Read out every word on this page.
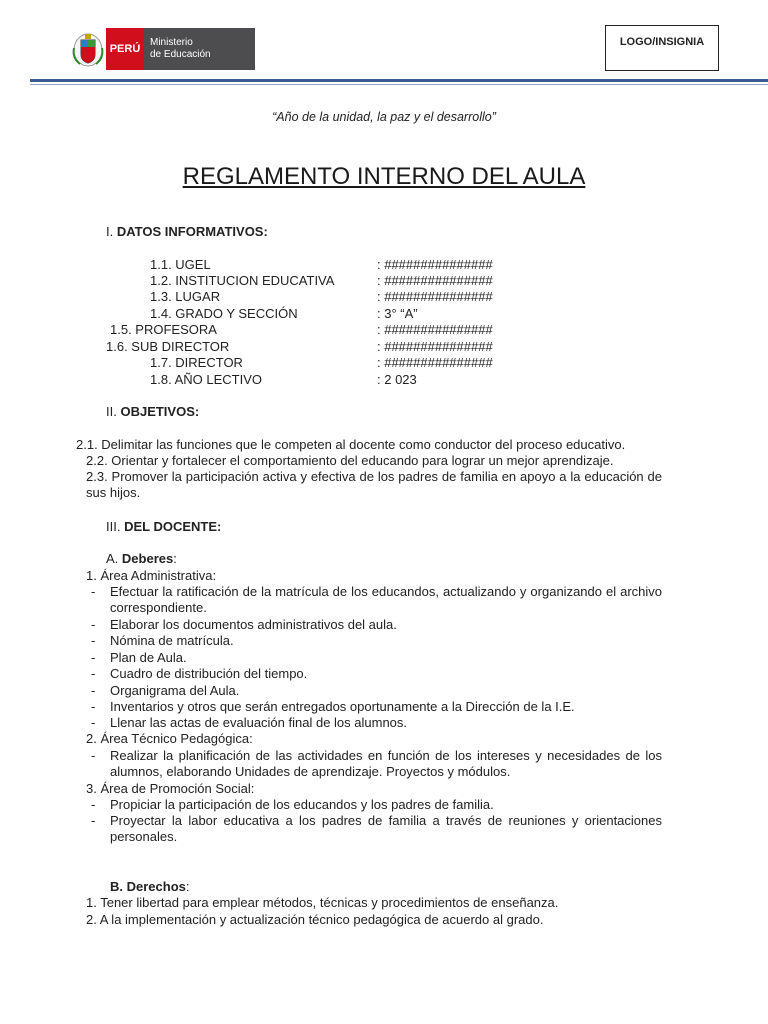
PERÚ
Ministerio
de Educación
LOGO/INSIGNIA
“Año de la unidad, la paz y el desarrollo”
REGLAMENTO INTERNO DEL AULA
I. DATOS INFORMATIVOS:
1.1. UGEL	: ###############
1.2. INSTITUCION EDUCATIVA	: ###############
1.3. LUGAR	: ###############
1.4. GRADO Y SECCIÓN	: 3° “A”
1.5. PROFESORA	: ###############
1.6. SUB DIRECTOR	: ###############
1.7. DIRECTOR	: ###############
1.8. AÑO LECTIVO	: 2 023
II. OBJETIVOS:
2.1. Delimitar las funciones que le competen al docente como conductor del proceso educativo.
2.2. Orientar y fortalecer el comportamiento del educando para lograr un mejor aprendizaje.
2.3. Promover la participación activa y efectiva de los padres de familia en apoyo a la educación de sus hijos.
III. DEL DOCENTE:
A. Deberes:
1. Área Administrativa:
- Efectuar la ratificación de la matrícula de los educandos, actualizando y organizando el archivo correspondiente.
- Elaborar los documentos administrativos del aula.
- Nómina de matrícula.
- Plan de Aula.
- Cuadro de distribución del tiempo.
- Organigrama del Aula.
- Inventarios y otros que serán entregados oportunamente a la Dirección de la I.E.
- Llenar las actas de evaluación final de los alumnos.
2. Área Técnico Pedagógica:
- Realizar la planificación de las actividades en función de los intereses y necesidades de los alumnos, elaborando Unidades de aprendizaje. Proyectos y módulos.
3. Área de Promoción Social:
- Propiciar la participación de los educandos y los padres de familia.
- Proyectar la labor educativa a los padres de familia a través de reuniones y orientaciones personales.
B. Derechos:
1. Tener libertad para emplear métodos, técnicas y procedimientos de enseñanza.
2. A la implementación y actualización técnico pedagógica de acuerdo al grado.
